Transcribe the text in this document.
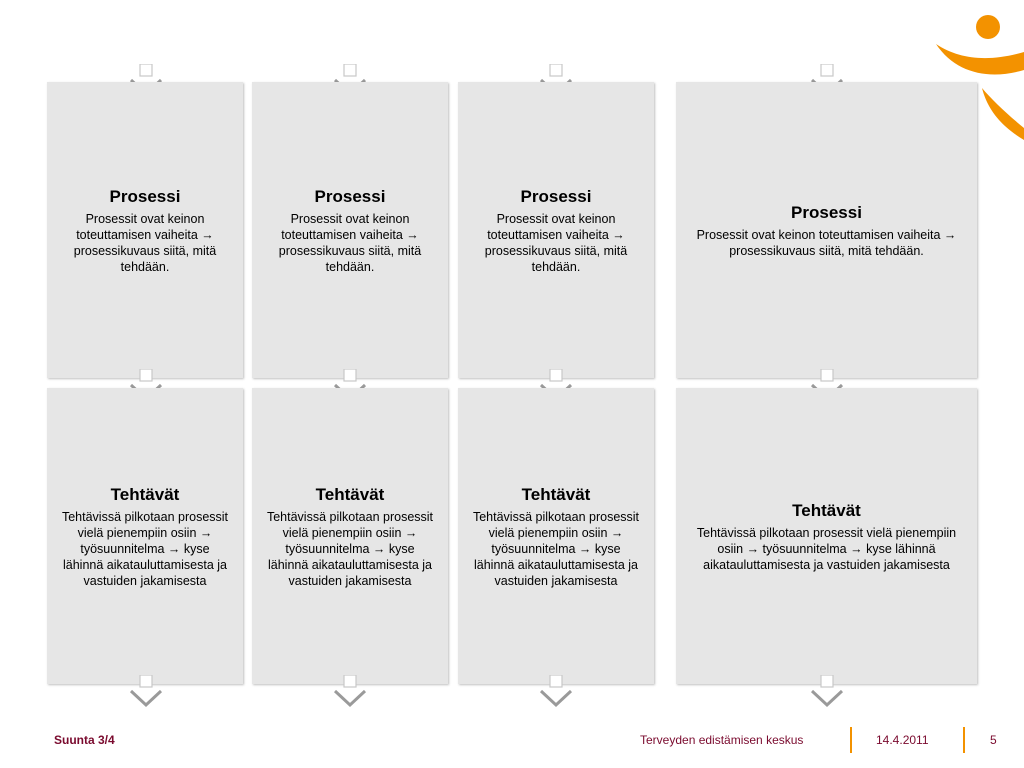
Prosessi

Prosessit ovat keinon toteuttamisen vaiheita → prosessikuvaus siitä, mitä tehdään.

Tehtävät

Tehtävissä pilkotaan prosessit vielä pienempiin osiin → työsuunnitelma → kyse lähinnä aikatauluttamisesta ja vastuiden jakamisesta

Prosessi

Prosessit ovat keinon toteuttamisen vaiheita → prosessikuvaus siitä, mitä tehdään.

Tehtävät

Tehtävissä pilkotaan prosessit vielä pienempiin osiin → työsuunnitelma → kyse lähinnä aikatauluttamisesta ja vastuiden jakamisesta

Prosessi

Prosessit ovat keinon toteuttamisen vaiheita → prosessikuvaus siitä, mitä tehdään.

Tehtävät

Tehtävissä pilkotaan prosessit vielä pienempiin osiin → työsuunnitelma → kyse lähinnä aikatauluttamisesta ja vastuiden jakamisesta

Prosessi

Prosessit ovat keinon toteuttamisen vaiheita → prosessikuvaus siitä, mitä tehdään.

Tehtävät

Tehtävissä pilkotaan prosessit vielä pienempiin osiin → työsuunnitelma → kyse lähinnä aikatauluttamisesta ja vastuiden jakamisesta

Suunta 3/4	Terveyden edistämisen keskus	14.4.2011	5
